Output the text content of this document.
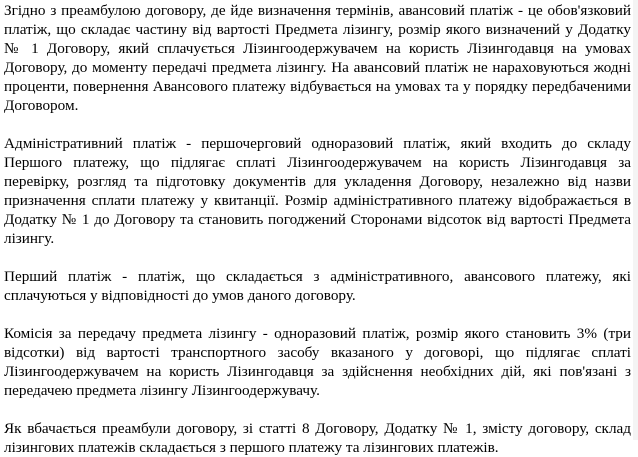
Згідно з преамбулою договору, де йде визначення термінів, авансовий платіж - це обов'язковий платіж, що складає частину від вартості Предмета лізингу, розмір якого визначений у Додатку № 1 Договору, який сплачується Лізингоодержувачем на користь Лізингодавця на умовах Договору, до моменту передачі предмета лізингу. На авансовий платіж не нараховуються жодні проценти, повернення Авансового платежу відбувається на умовах та у порядку передбаченими Договором.

Адміністративний платіж - першочерговий одноразовий платіж, який входить до складу Першого платежу, що підлягає сплаті Лізингоодержувачем на користь Лізингодавця за перевірку, розгляд та підготовку документів для укладення Договору, незалежно від назви призначення сплати платежу у квитанції. Розмір адміністративного платежу відображається в Додатку № 1 до Договору та становить погоджений Сторонами відсоток від вартості Предмета лізингу.

Перший платіж - платіж, що складається з адміністративного, авансового платежу, які сплачуються у відповідності до умов даного договору.

Комісія за передачу предмета лізингу - одноразовий платіж, розмір якого становить 3% (три відсотки) від вартості транспортного засобу вказаного у договорі, що підлягає сплаті Лізингоодержувачем на користь Лізингодавця за здійснення необхідних дій, які пов'язані з передачею предмета лізингу Лізингоодержувачу.

Як вбачається преамбули договору, зі статті 8 Договору, Додатку № 1, змісту договору, склад лізингових платежів складається з першого платежу та лізингових платежів.
